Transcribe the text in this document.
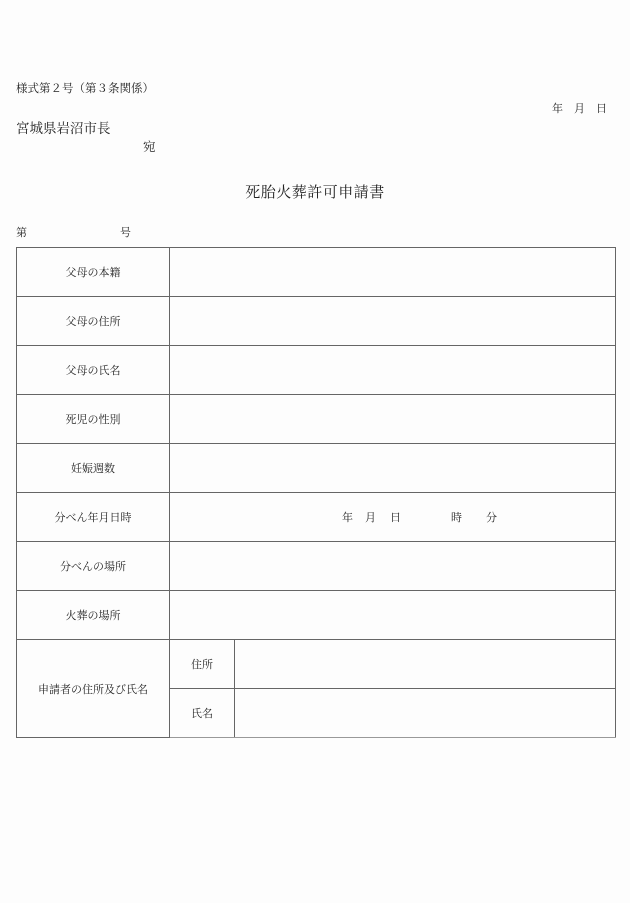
様式第２号（第３条関係）
年　月　日
宮城県岩沼市長
宛
死胎火葬許可申請書
第	号
父母の本籍		
父母の住所		
父母の氏名		
死児の性別		
妊娠週数		
分べん年月日時	年 月 日 時 分	

分べんの場所		
火葬の場所		
申請者の住所及び氏名	住所	
	氏名	
